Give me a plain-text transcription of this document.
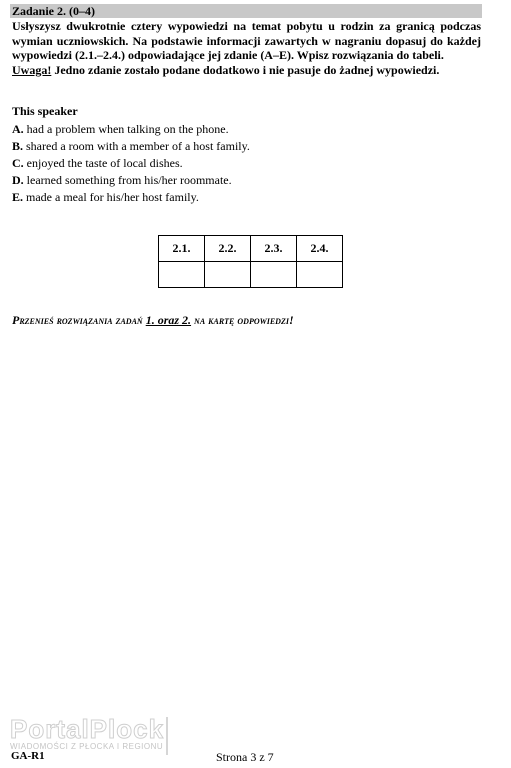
Zadanie 2. (0–4)

Usłyszysz dwukrotnie cztery wypowiedzi na temat pobytu u rodzin za granicą podczas wymian uczniowskich. Na podstawie informacji zawartych w nagraniu dopasuj do każdej wypowiedzi (2.1.–2.4.) odpowiadające jej zdanie (A–E). Wpisz rozwiązania do tabeli.
Uwaga! Jedno zdanie zostało podane dodatkowo i nie pasuje do żadnej wypowiedzi.

This speaker
A. had a problem when talking on the phone.
B. shared a room with a member of a host family.
C. enjoyed the taste of local dishes.
D. learned something from his/her roommate.
E. made a meal for his/her host family.
2.1.	2.2.	2.3.	2.4.

Przenieś rozwiązania zadań 1. oraz 2. na kartę odpowiedzi!
PortalPlock
WIADOMOŚCI Z PŁOCKA I REGIONU
GA-R1	Strona 3 z 7
